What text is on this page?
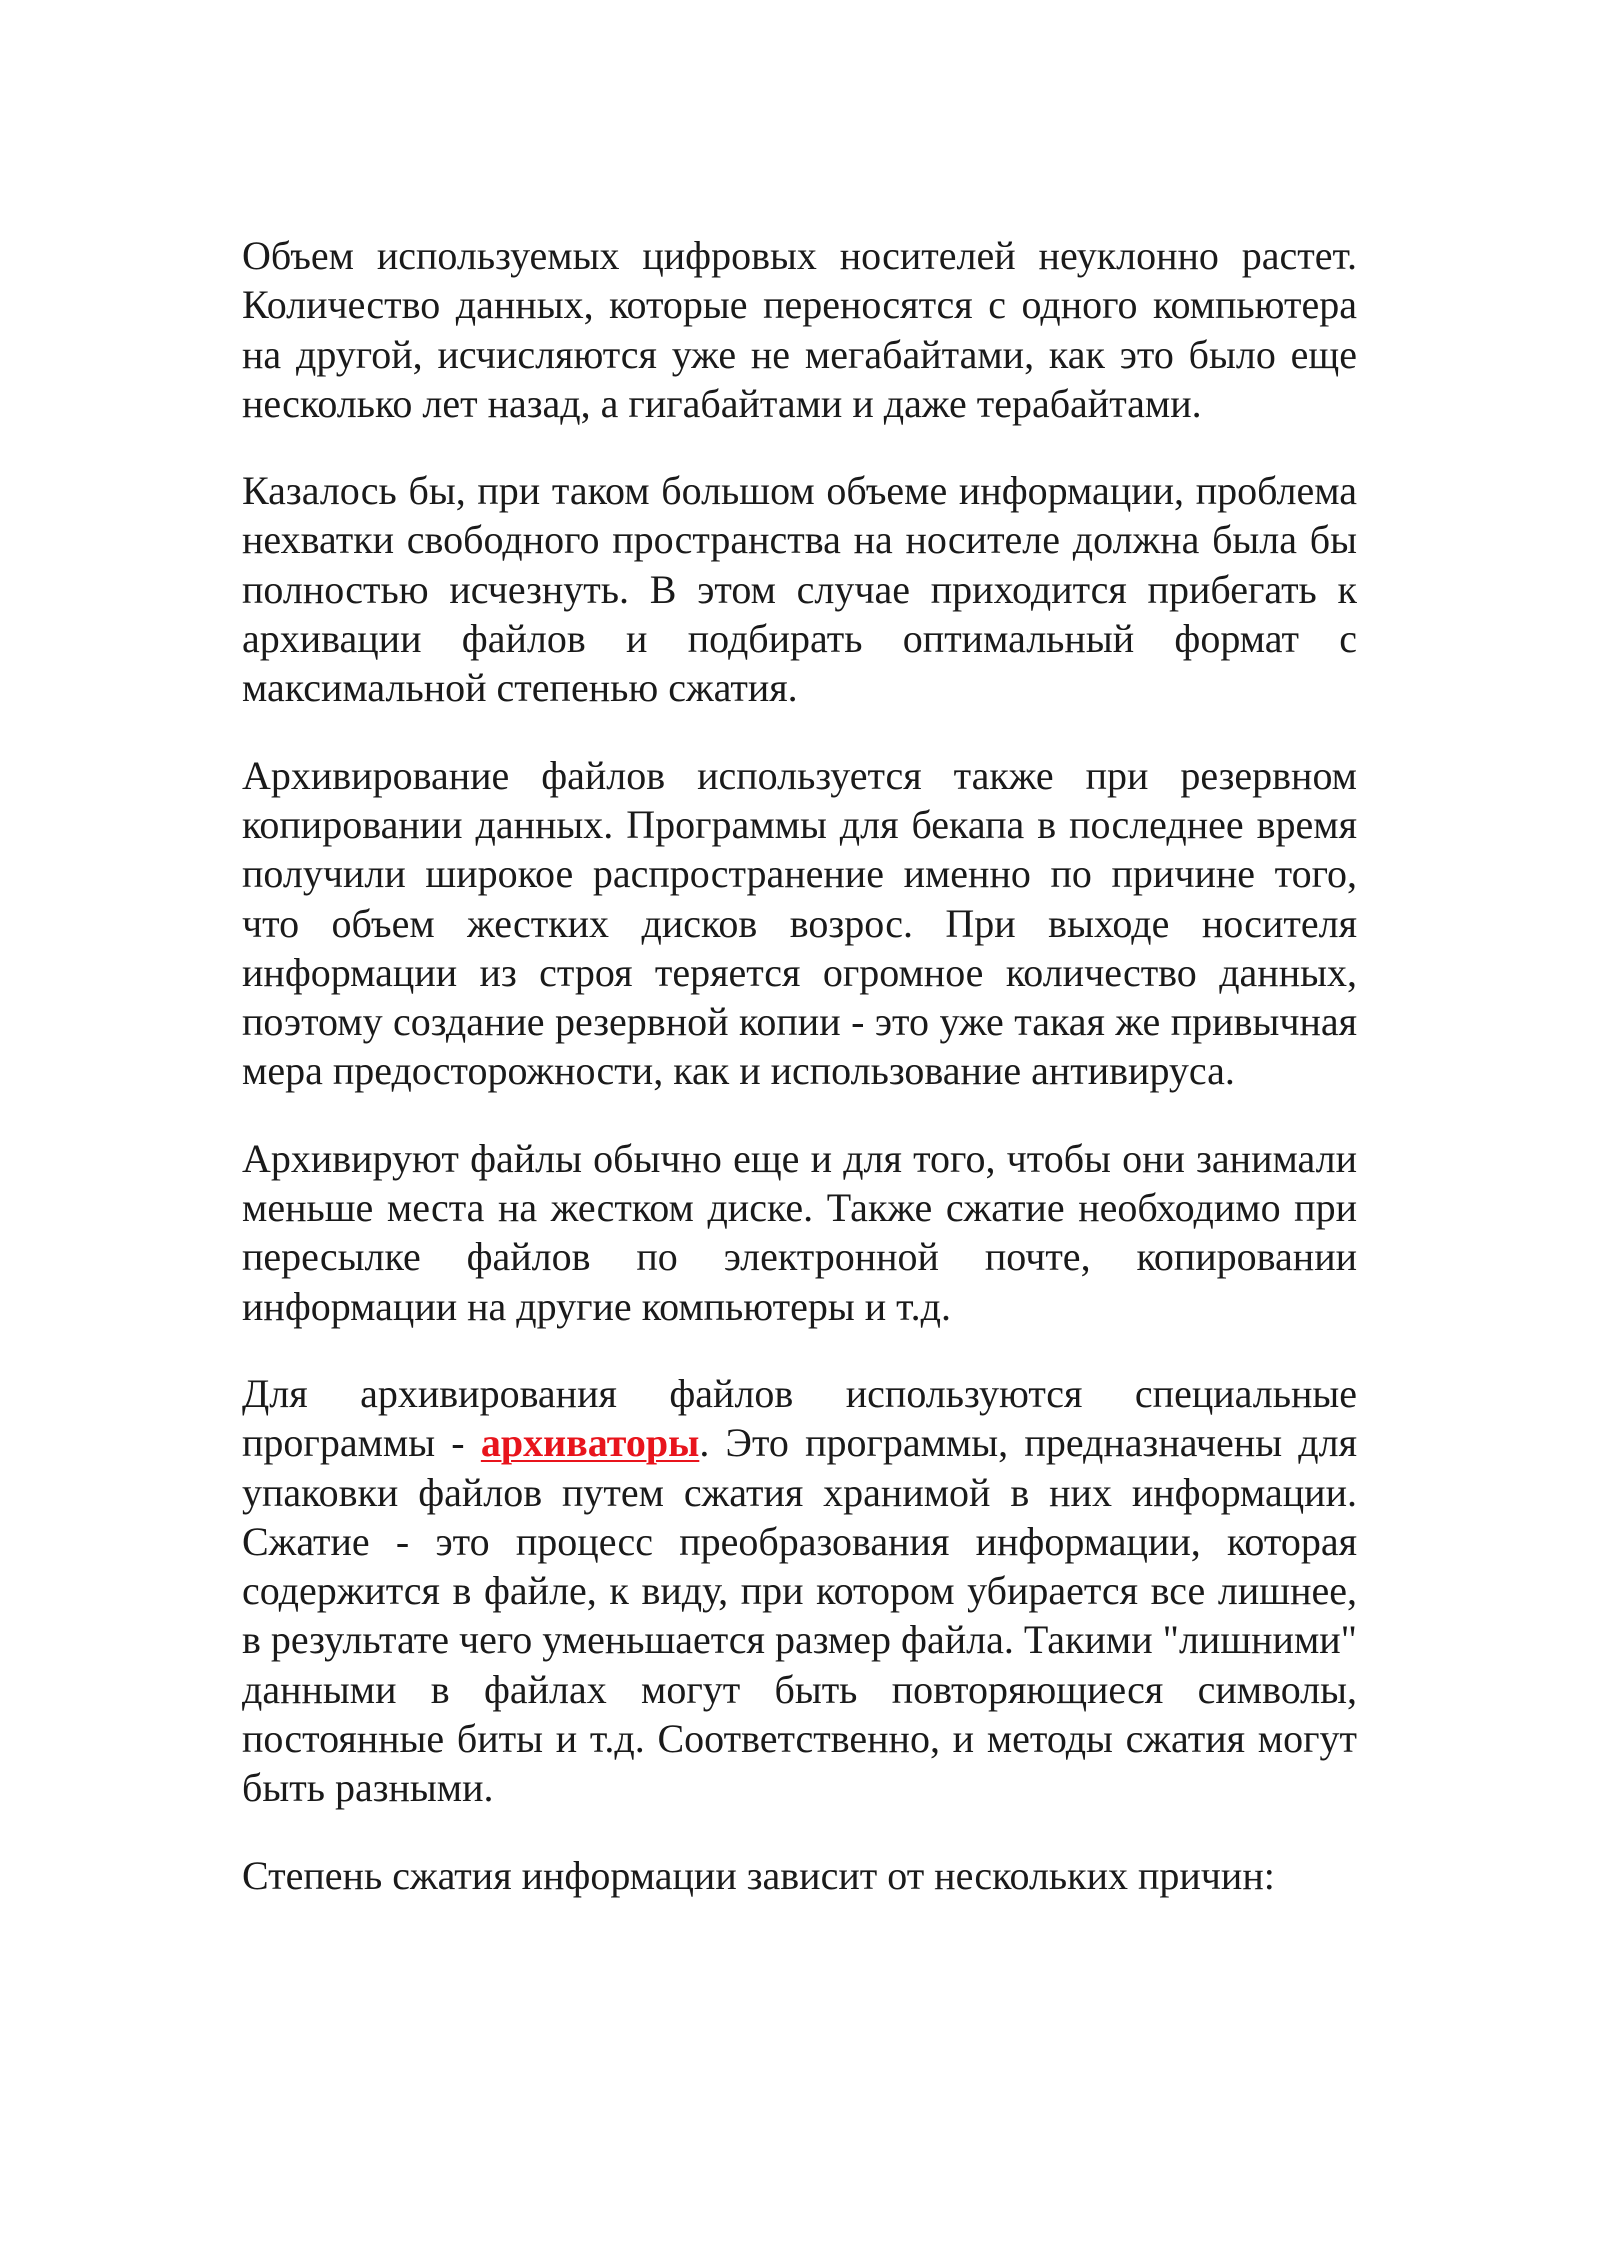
Объем используемых цифровых носителей неуклонно растет. Количество данных, которые переносятся с одного компьютера на другой, исчисляются уже не мегабайтами, как это было еще несколько лет назад, а гигабайтами и даже терабайтами.

Казалось бы, при таком большом объеме информации, проблема нехватки свободного пространства на носителе должна была бы полностью исчезнуть. В этом случае приходится прибегать к архивации файлов и подбирать оптимальный формат с максимальной степенью сжатия.

Архивирование файлов используется также при резервном копировании данных. Программы для бекапа в последнее время получили широкое распространение именно по причине того, что объем жестких дисков возрос. При выходе носителя информации из строя теряется огромное количество данных, поэтому создание резервной копии - это уже такая же привычная мера предосторожности, как и использование антивируса.

Архивируют файлы обычно еще и для того, чтобы они занимали меньше места на жестком диске. Также сжатие необходимо при пересылке файлов по электронной почте, копировании информации на другие компьютеры и т.д.

Для архивирования файлов используются специальные программы - архиваторы. Это программы, предназначены для упаковки файлов путем сжатия хранимой в них информации. Сжатие - это процесс преобразования информации, которая содержится в файле, к виду, при котором убирается все лишнее, в результате чего уменьшается размер файла. Такими "лишними" данными в файлах могут быть повторяющиеся символы, постоянные биты и т.д. Соответственно, и методы сжатия могут быть разными.

Степень сжатия информации зависит от нескольких причин:
